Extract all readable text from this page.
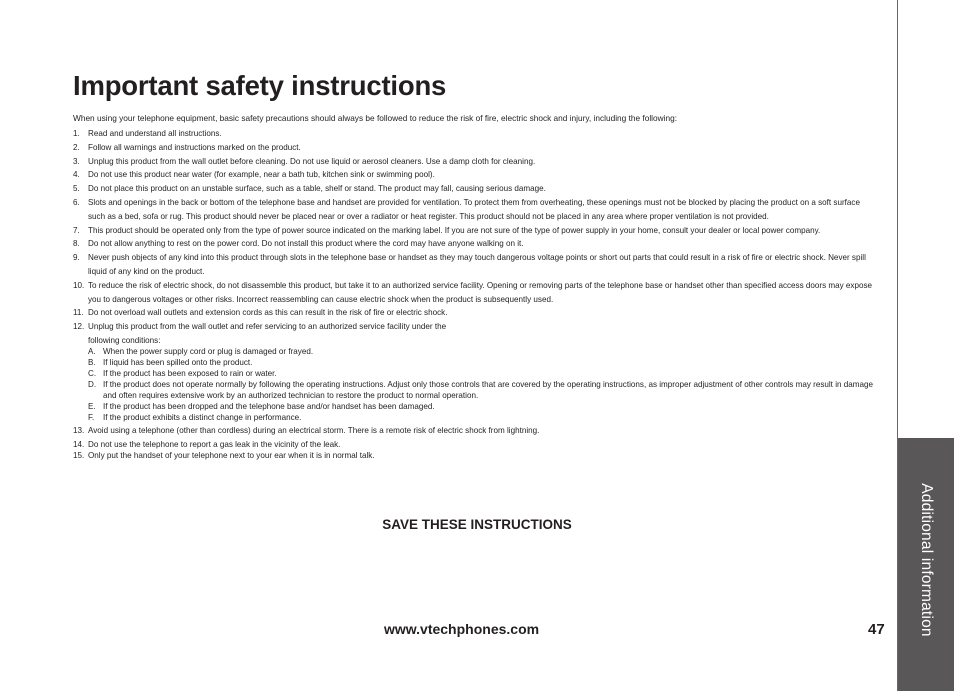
Important safety instructions

When using your telephone equipment, basic safety precautions should always be followed to reduce the risk of fire, electric shock and injury, including the following:

1. Read and understand all instructions.
2. Follow all warnings and instructions marked on the product.
3. Unplug this product from the wall outlet before cleaning. Do not use liquid or aerosol cleaners. Use a damp cloth for cleaning.
4. Do not use this product near water (for example, near a bath tub, kitchen sink or swimming pool).
5. Do not place this product on an unstable surface, such as a table, shelf or stand. The product may fall, causing serious damage.
6. Slots and openings in the back or bottom of the telephone base and handset are provided for ventilation. To protect them from overheating, these openings must not be blocked by placing the product on a soft surface such as a bed, sofa or rug. This product should never be placed near or over a radiator or heat register. This product should not be placed in any area where proper ventilation is not provided.
7. This product should be operated only from the type of power source indicated on the marking label. If you are not sure of the type of power supply in your home, consult your dealer or local power company.
8. Do not allow anything to rest on the power cord. Do not install this product where the cord may have anyone walking on it.
9. Never push objects of any kind into this product through slots in the telephone base or handset as they may touch dangerous voltage points or short out parts that could result in a risk of fire or electric shock. Never spill liquid of any kind on the product.
10. To reduce the risk of electric shock, do not disassemble this product, but take it to an authorized service facility. Opening or removing parts of the telephone base or handset other than specified access doors may expose you to dangerous voltages or other risks. Incorrect reassembling can cause electric shock when the product is subsequently used.
11. Do not overload wall outlets and extension cords as this can result in the risk of fire or electric shock.
12. Unplug this product from the wall outlet and refer servicing to an authorized service facility under the
following conditions:
A. When the power supply cord or plug is damaged or frayed.
B. If liquid has been spilled onto the product.
C. If the product has been exposed to rain or water.
D. If the product does not operate normally by following the operating instructions. Adjust only those controls that are covered by the operating instructions, as improper adjustment of other controls may result in damage and often requires extensive work by an authorized technician to restore the product to normal operation.
E. If the product has been dropped and the telephone base and/or handset has been damaged.
F. If the product exhibits a distinct change in performance.
13. Avoid using a telephone (other than cordless) during an electrical storm. There is a remote risk of electric shock from lightning.
14. Do not use the telephone to report a gas leak in the vicinity of the leak.
15. Only put the handset of your telephone next to your ear when it is in normal talk.

SAVE THESE INSTRUCTIONS

www.vtechphones.com	47 Additional information
